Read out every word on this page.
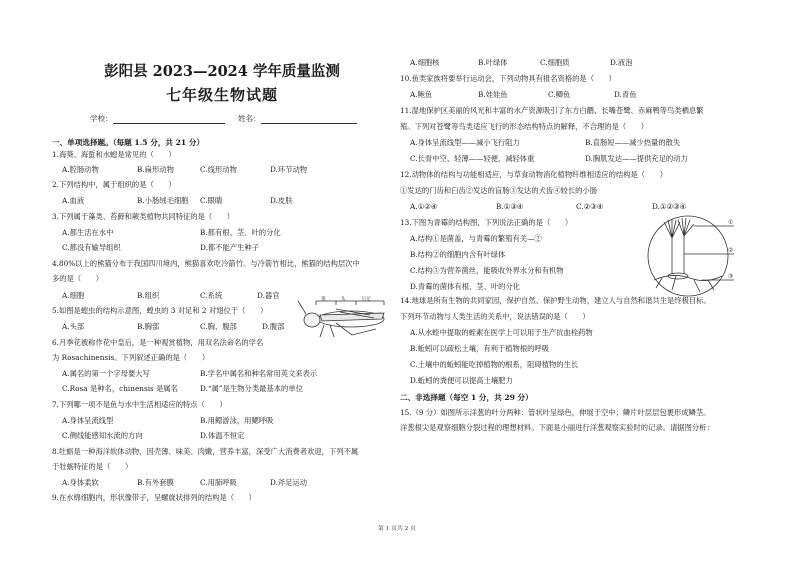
彭阳县 2023—2024 学年质量监测
七年级生物试题
学校：	姓名：
一、单项选择题。（每题 1.5 分，共 21 分）
1.海葵、海蜇和水螅是常见的（　　）
A.腔肠动物	B.扁形动物	C.线形动物	D.环节动物
2.下列结构中，属于组织的是（　　）
A.血液	B.小肠绒毛细胞 C.眼睛	D.皮肤
3.下列属于藻类、苔藓和蕨类植物共同特征的是（　　）
A.都生活在水中	B.都有根、茎、叶的分化
C.都没有输导组织	D.都不能产生种子
4.80%以上的熊猫分布于我国四川境内，熊猫喜欢吃冷箭竹。与冷箭竹相比，熊猫的结构层次中
多的是（　　）
A.细胞	B.组织	C.系统	D.器官
5.如图是蝗虫的结构示意图，蝗虫的 3 对足和 2 对翅位于（　　）
A.头部	B.胸部	C.胸、腹部	D.腹部
6.月季花被称作花中皇后，是一种观赏植物，用双名法命名的学名
为 Rosachinensis。下列叙述正确的是（　　）
A.属名的第一个字母要大写	B.学名中属名和种名常用英文来表示
C.Rosa 是种名，chinensis 是属名	D.“属”是生物分类最基本的单位
7.下列哪一项不是鱼与水中生活相适应的特点（　　）
A.身体呈流线型	B.用鳃游泳，用鳃呼吸
C.侧线能感知水流的方向	D.体温不恒定
8.牡蛎是一种海洋软体动物，因壳薄、味美、肉嫩，营养丰富，深受广大消费者欢迎，下列不属
于牡蛎特征的是（　　）
A.身体柔软	B.有外套膜	C.用肺呼吸	D.斧足运动
9.在水绵细胞内，形状像带子，呈螺旋状排列的结构是（　　）
翅	头	后足
A.细胞核	B.叶绿体	C.细胞质	D.液泡
10.鱼类家族将要举行运动会，下列动物具有报名资格的是（　　）
A.鲍鱼	B.娃娃鱼	C.鲫鱼	D.青鱼
11.湿地保护区美丽的风光和丰富的水产资源吸引了东方白鹳、长嘴苍鹭、赤麻鸭等鸟类栖息繁
殖。下列对苍鹭等鸟类适应飞行的形态结构特点的解释，不合理的是（　　）
A.身体呈流线型——减小飞行阻力	B.直肠短——减少热量的散失
C.长骨中空、轻薄——轻便，减轻体重	D.胸肌发达——提供充足的动力
12.动物体的结构与功能相适应，与草食动物消化植物纤维相适应的结构是（　　）
①发达的门齿和臼齿②发达的盲肠③发达的犬齿④较长的小肠
A.①②④	B.①③④	C.②③④	D.①②③④
13.下图为青霉的结构图，下列说法正确的是（　　）
A.结构①是菌盖，与青霉的繁殖有关—②
B.结构②的细胞内含有叶绿体
C.结构③为营养菌丝，能吸收外界水分和有机物
D.青霉的菌体有根、茎、叶的分化
①
②
③
14.地球是所有生物的共同家园，保护自然、保护野生动物，建立人与自然和谐共生是终极目标。
下列环节动物与人类生活的关系中，说法错误的是（　　）
A.从水蛭中提取的蛭素在医学上可以用于生产抗血栓药物
B.蚯蚓可以疏松土壤，有利于植物根的呼吸
C.土壤中的蚯蚓能吃掉植物的根系，阻碍植物的生长
D.蚯蚓的粪便可以提高土壤肥力
二、非选择题（每空 1 分，共 29 分）
15.（9 分）如图所示洋葱的叶分两种：管状叶呈绿色，伸展于空中；鳞片叶层层包裹形成鳞茎。
洋葱根尖是观察细胞分裂过程的理想材料。下面是小丽进行洋葱观察实验时的记录。请据图分析：
第 1 页共 2 页
